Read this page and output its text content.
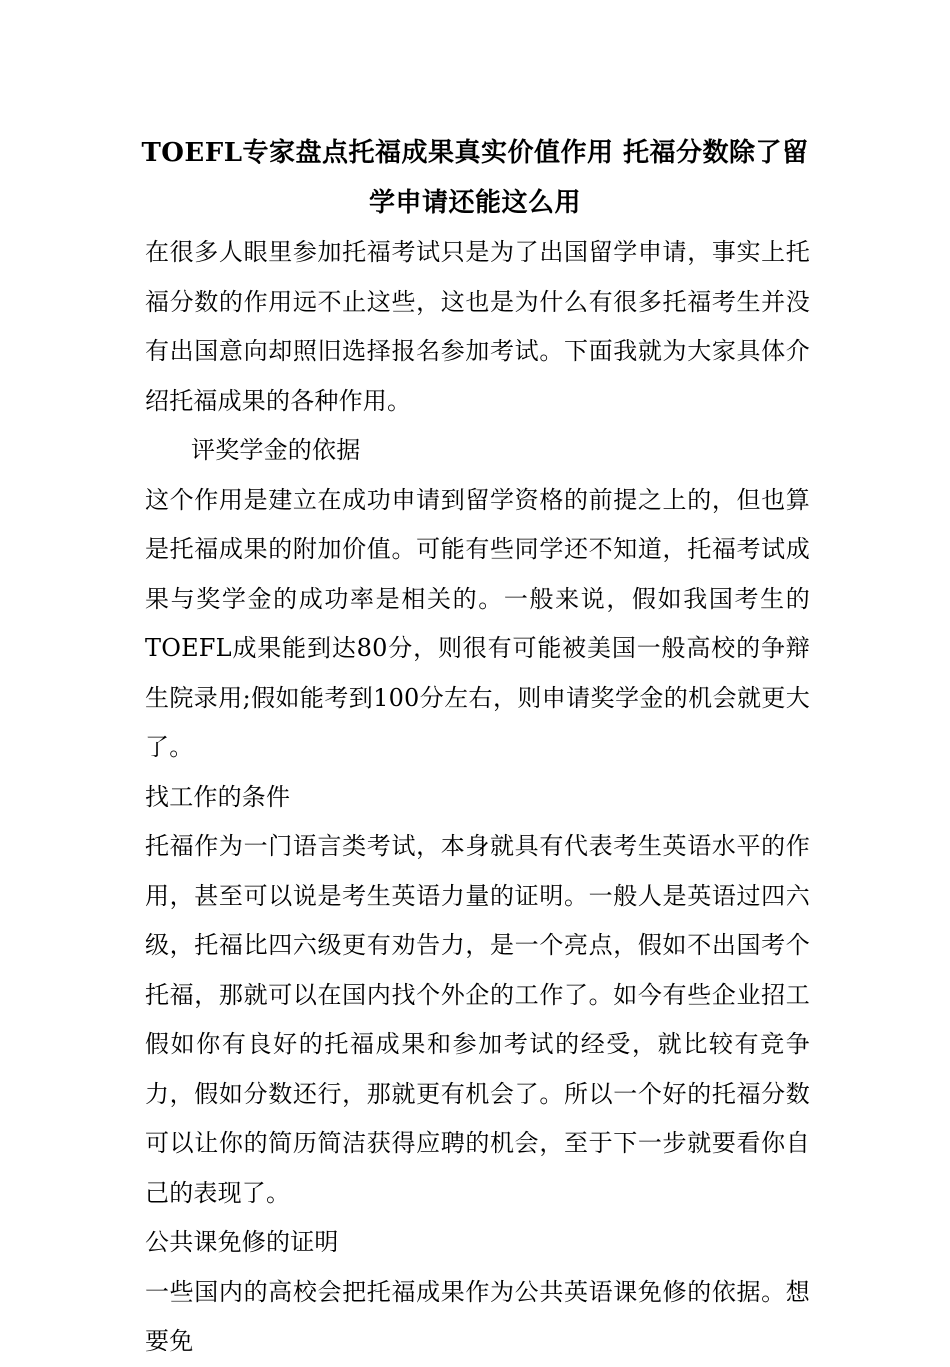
TOEFL专家盘点托福成果真实价值作用 托福分数除了留学申请还能这么用

在很多人眼里参加托福考试只是为了出国留学申请，事实上托福分数的作用远不止这些，这也是为什么有很多托福考生并没有出国意向却照旧选择报名参加考试。下面我就为大家具体介绍托福成果的各种作用。

评奖学金的依据

这个作用是建立在成功申请到留学资格的前提之上的，但也算是托福成果的附加价值。可能有些同学还不知道，托福考试成果与奖学金的成功率是相关的。一般来说，假如我国考生的TOEFL成果能到达80分，则很有可能被美国一般高校的争辩生院录用;假如能考到100分左右，则申请奖学金的机会就更大了。

找工作的条件

托福作为一门语言类考试，本身就具有代表考生英语水平的作用，甚至可以说是考生英语力量的证明。一般人是英语过四六级，托福比四六级更有劝告力，是一个亮点，假如不出国考个托福，那就可以在国内找个外企的工作了。如今有些企业招工假如你有良好的托福成果和参加考试的经受，就比较有竞争力，假如分数还行，那就更有机会了。所以一个好的托福分数可以让你的简历简洁获得应聘的机会，至于下一步就要看你自己的表现了。

公共课免修的证明

一些国内的高校会把托福成果作为公共英语课免修的依据。想要免
